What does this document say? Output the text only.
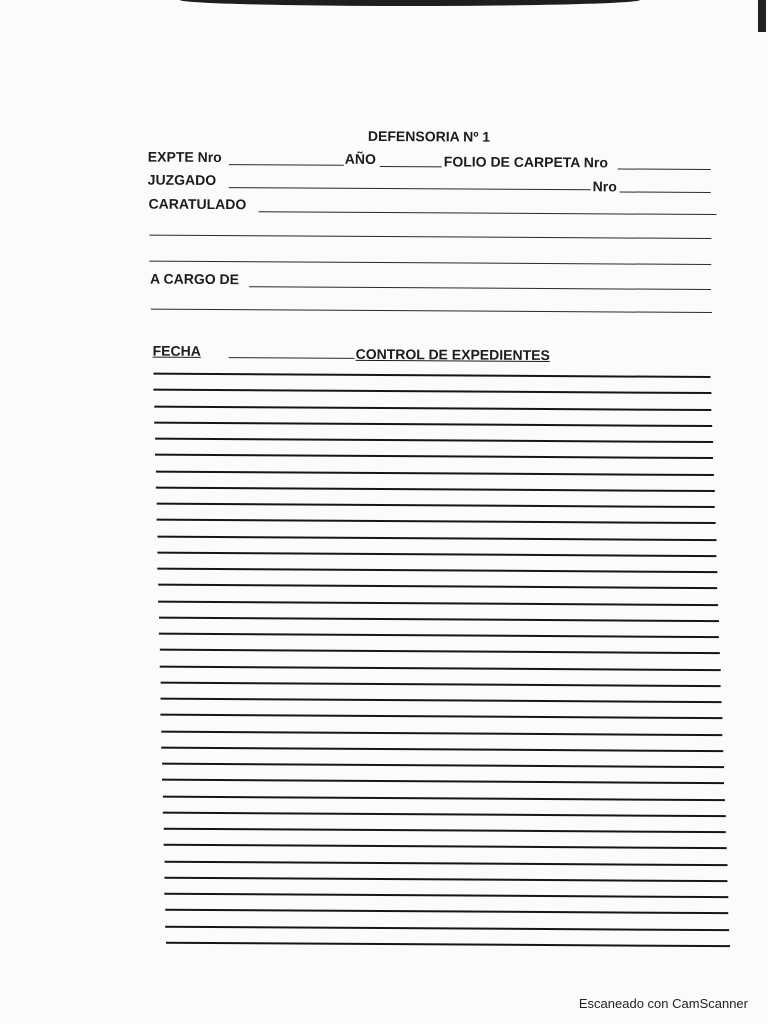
DEFENSORIA Nº 1
EXPTE Nro	AÑO	FOLIO DE CARPETA Nro
JUZGADO	Nro
CARATULADO
A CARGO DE
FECHA	CONTROL DE EXPEDIENTES
Escaneado con CamScanner
